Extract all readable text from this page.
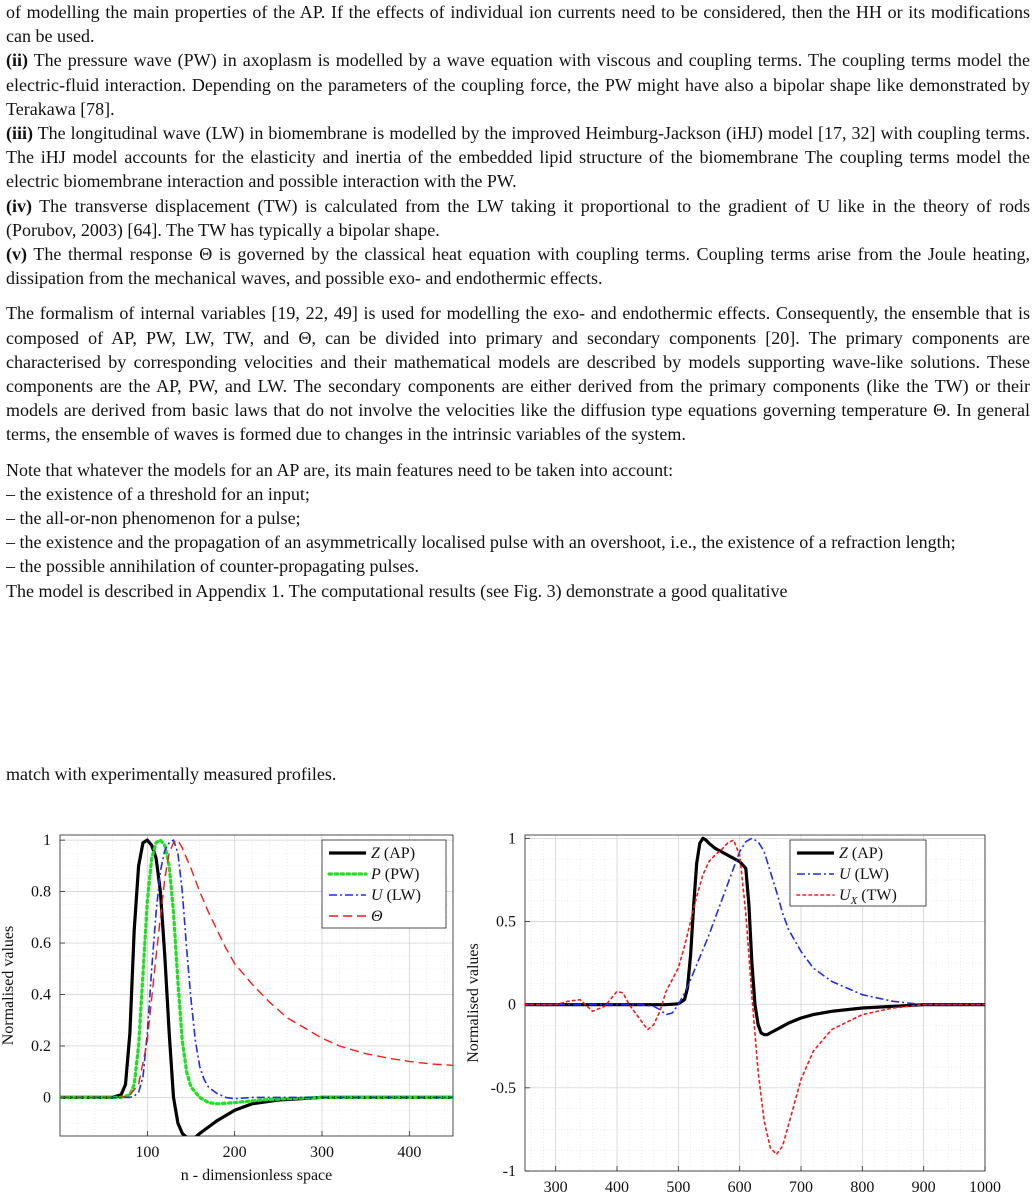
of modelling the main properties of the AP. If the effects of individual ion currents need to be considered, then the HH or its modifications can be used.

(ii) The pressure wave (PW) in axoplasm is modelled by a wave equation with viscous and coupling terms. The coupling terms model the electric-fluid interaction. Depending on the parameters of the coupling force, the PW might have also a bipolar shape like demonstrated by Terakawa [78].

(iii) The longitudinal wave (LW) in biomembrane is modelled by the improved Heimburg-Jackson (iHJ) model [17, 32] with coupling terms. The iHJ model accounts for the elasticity and inertia of the embedded lipid structure of the biomembrane The coupling terms model the electric biomembrane interaction and possible interaction with the PW.

(iv) The transverse displacement (TW) is calculated from the LW taking it proportional to the gradient of U like in the theory of rods (Porubov, 2003) [64]. The TW has typically a bipolar shape.

(v) The thermal response Θ is governed by the classical heat equation with coupling terms. Coupling terms arise from the Joule heating, dissipation from the mechanical waves, and possible exo- and endothermic effects.

The formalism of internal variables [19, 22, 49] is used for modelling the exo- and endothermic effects. Consequently, the ensemble that is composed of AP, PW, LW, TW, and Θ, can be divided into primary and secondary components [20]. The primary components are characterised by corresponding velocities and their mathematical models are described by models supporting wave-like solutions. These components are the AP, PW, and LW. The secondary components are either derived from the primary components (like the TW) or their models are derived from basic laws that do not involve the velocities like the diffusion type equations governing temperature Θ. In general terms, the ensemble of waves is formed due to changes in the intrinsic variables of the system.

Note that whatever the models for an AP are, its main features need to be taken into account:

– the existence of a threshold for an input;

– the all-or-non phenomenon for a pulse;

– the existence and the propagation of an asymmetrically localised pulse with an overshoot, i.e., the existence of a refraction length;

– the possible annihilation of counter-propagating pulses.

The model is described in Appendix 1. The computational results (see Fig. 3) demonstrate a good qualitative

match with experimentally measured profiles.
100	200	300	400
0
0.2
0.4
0.6
0.8
1
n - dimensionless space
Normalised values
Z (AP)
P (PW)
U (LW)
Θ
300 400 500 600 700 800 900 1000
-1
-0.5
0
0.5
1
Normalised values
Z (AP)
U (LW)
$U_X$ (TW)
